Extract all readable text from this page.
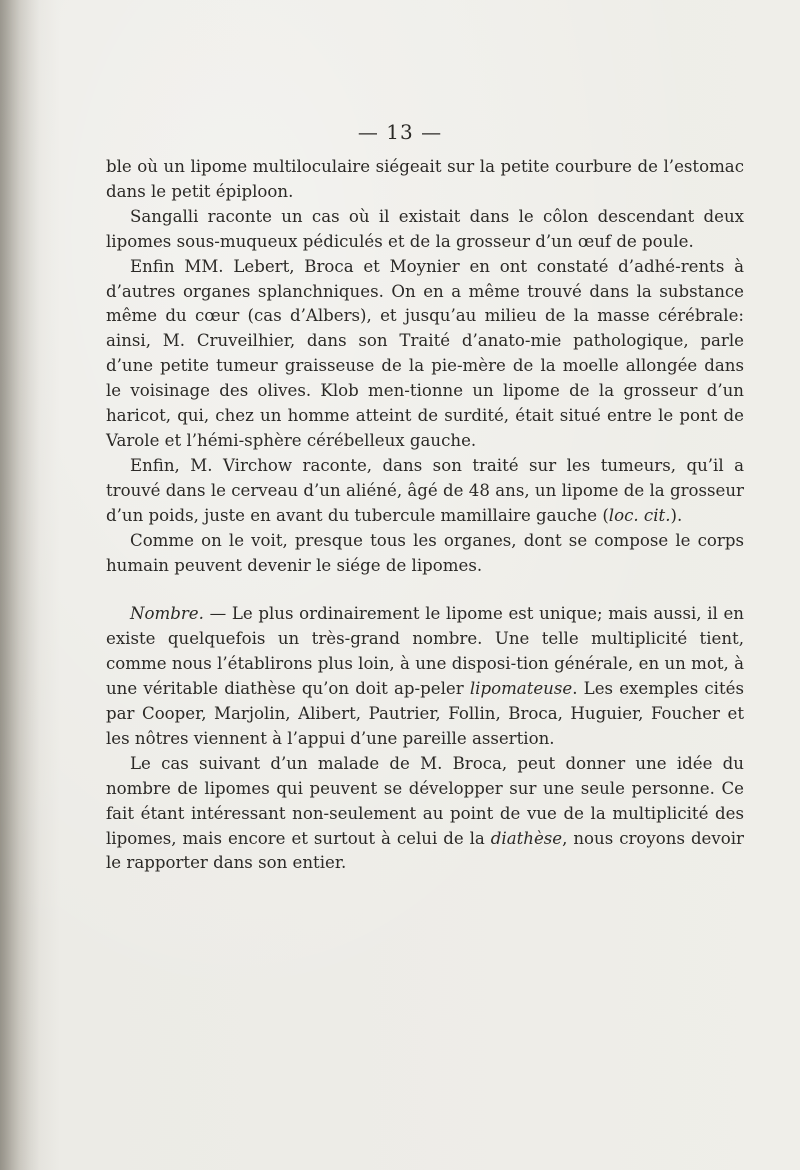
— 13 —

ble où un lipome multiloculaire siégeait sur la petite courbure de l’estomac dans le petit épiploon.

Sangalli raconte un cas où il existait dans le côlon descendant deux lipomes sous-muqueux pédiculés et de la grosseur d’un œuf de poule.

Enfin MM. Lebert, Broca et Moynier en ont constaté d’adhé-rents à d’autres organes splanchniques. On en a même trouvé dans la substance même du cœur (cas d’Albers), et jusqu’au milieu de la masse cérébrale: ainsi, M. Cruveilhier, dans son Traité d’anato-mie pathologique, parle d’une petite tumeur graisseuse de la pie-mère de la moelle allongée dans le voisinage des olives. Klob men-tionne un lipome de la grosseur d’un haricot, qui, chez un homme atteint de surdité, était situé entre le pont de Varole et l’hémi-sphère cérébelleux gauche.

Enfin, M. Virchow raconte, dans son traité sur les tumeurs, qu’il a trouvé dans le cerveau d’un aliéné, âgé de 48 ans, un lipome de la grosseur d’un poids, juste en avant du tubercule mamillaire gauche (loc. cit.).

Comme on le voit, presque tous les organes, dont se compose le corps humain peuvent devenir le siége de lipomes.

Nombre. — Le plus ordinairement le lipome est unique; mais aussi, il en existe quelquefois un très-grand nombre. Une telle multiplicité tient, comme nous l’établirons plus loin, à une disposi-tion générale, en un mot, à une véritable diathèse qu’on doit ap-peler lipomateuse. Les exemples cités par Cooper, Marjolin, Alibert, Pautrier, Follin, Broca, Huguier, Foucher et les nôtres viennent à l’appui d’une pareille assertion.

Le cas suivant d’un malade de M. Broca, peut donner une idée du nombre de lipomes qui peuvent se développer sur une seule personne. Ce fait étant intéressant non-seulement au point de vue de la multiplicité des lipomes, mais encore et surtout à celui de la diathèse, nous croyons devoir le rapporter dans son entier.
